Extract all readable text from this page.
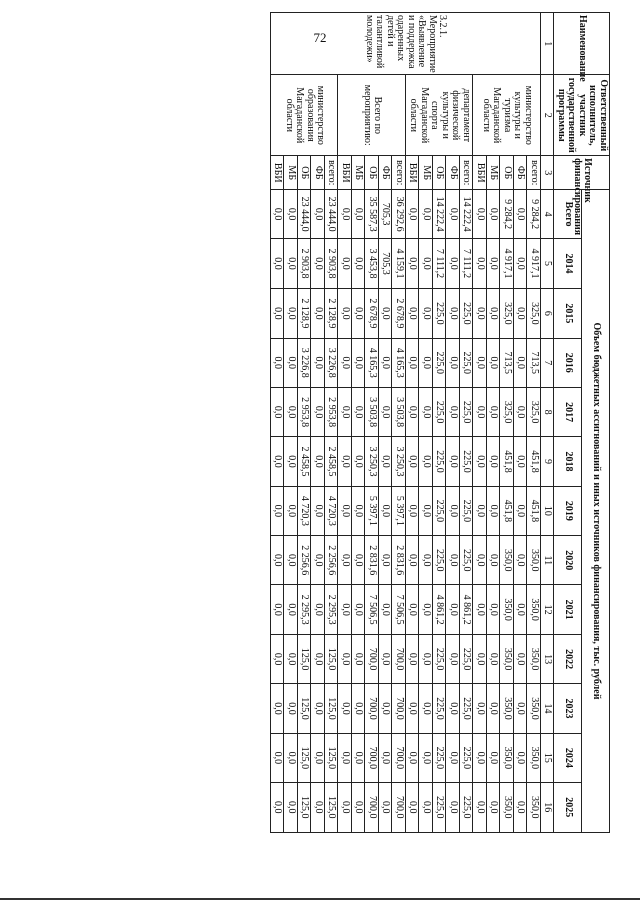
72	Наименование	Ответственный исполнитель, участник государственной программы	Источник финансирования	Объем бюджетных ассигнований и иных источников финансирования, тыс. рублей												
			Всего	2014	2015	2016	2017	2018	2019	2020	2021	2022	2023	2024	2025
1	2	3	4	5	6	7	8	9	10	11	12	13	14	15	16
3.2.1. Мероприятие «Выявление и поддержка одаренных детей и талантливой молодежи»	министерство культуры и туризма Магаданской области	всего:	9 284,2	4 917,1	325,0	713,5	325,0	451,8	451,8	350,0	350,0	350,0	350,0	350,0	350,0
		ФБ	0,0	0,0	0,0	0,0	0,0	0,0	0,0	0,0	0,0	0,0	0,0	0,0	0,0
		ОБ	9 284,2	4 917,1	325,0	713,5	325,0	451,8	451,8	350,0	350,0	350,0	350,0	350,0	350,0
		МБ	0,0	0,0	0,0	0,0	0,0	0,0	0,0	0,0	0,0	0,0	0,0	0,0	0,0
		ВБИ	0,0	0,0	0,0	0,0	0,0	0,0	0,0	0,0	0,0	0,0	0,0	0,0	0,0
	департамент физической культуры и спорта Магаданской области	всего:	14 222,4	7 111,2	225,0	225,0	225,0	225,0	225,0	225,0	4 861,2	225,0	225,0	225,0	225,0
		ФБ	0,0	0,0	0,0	0,0	0,0	0,0	0,0	0,0	0,0	0,0	0,0	0,0	0,0
		ОБ	14 222,4	7 111,2	225,0	225,0	225,0	225,0	225,0	225,0	4 861,2	225,0	225,0	225,0	225,0
		МБ	0,0	0,0	0,0	0,0	0,0	0,0	0,0	0,0	0,0	0,0	0,0	0,0	0,0
		ВБИ	0,0	0,0	0,0	0,0	0,0	0,0	0,0	0,0	0,0	0,0	0,0	0,0	0,0
	Всего по мероприятию:	всего:	36 292,6	4 159,1	2 678,9	4 165,3	3 503,8	3 250,3	5 397,1	2 831,6	7 506,5	700,0	700,0	700,0	700,0
		ФБ	705,3	705,3	0,0	0,0	0,0	0,0	0,0	0,0	0,0	0,0	0,0	0,0	0,0
		ОБ	35 587,3	3 453,8	2 678,9	4 165,3	3 503,8	3 250,3	5 397,1	2 831,6	7 506,5	700,0	700,0	700,0	700,0
		МБ	0,0	0,0	0,0	0,0	0,0	0,0	0,0	0,0	0,0	0,0	0,0	0,0	0,0
		ВБИ	0,0	0,0	0,0	0,0	0,0	0,0	0,0	0,0	0,0	0,0	0,0	0,0	0,0
	министерство образования Магаданской области	всего:	23 444,0	2 903,8	2 128,9	3 226,8	2 953,8	2 458,5	4 720,3	2 256,6	2 295,3	125,0	125,0	125,0	125,0
		ФБ	0,0	0,0	0,0	0,0	0,0	0,0	0,0	0,0	0,0	0,0	0,0	0,0	0,0
		ОБ	23 444,0	2 903,8	2 128,9	3 226,8	2 953,8	2 458,5	4 720,3	2 256,6	2 295,3	125,0	125,0	125,0	125,0
		МБ	0,0	0,0	0,0	0,0	0,0	0,0	0,0	0,0	0,0	0,0	0,0	0,0	0,0
		ВБИ	0,0	0,0	0,0	0,0	0,0	0,0	0,0	0,0	0,0	0,0	0,0	0,0	0,0
